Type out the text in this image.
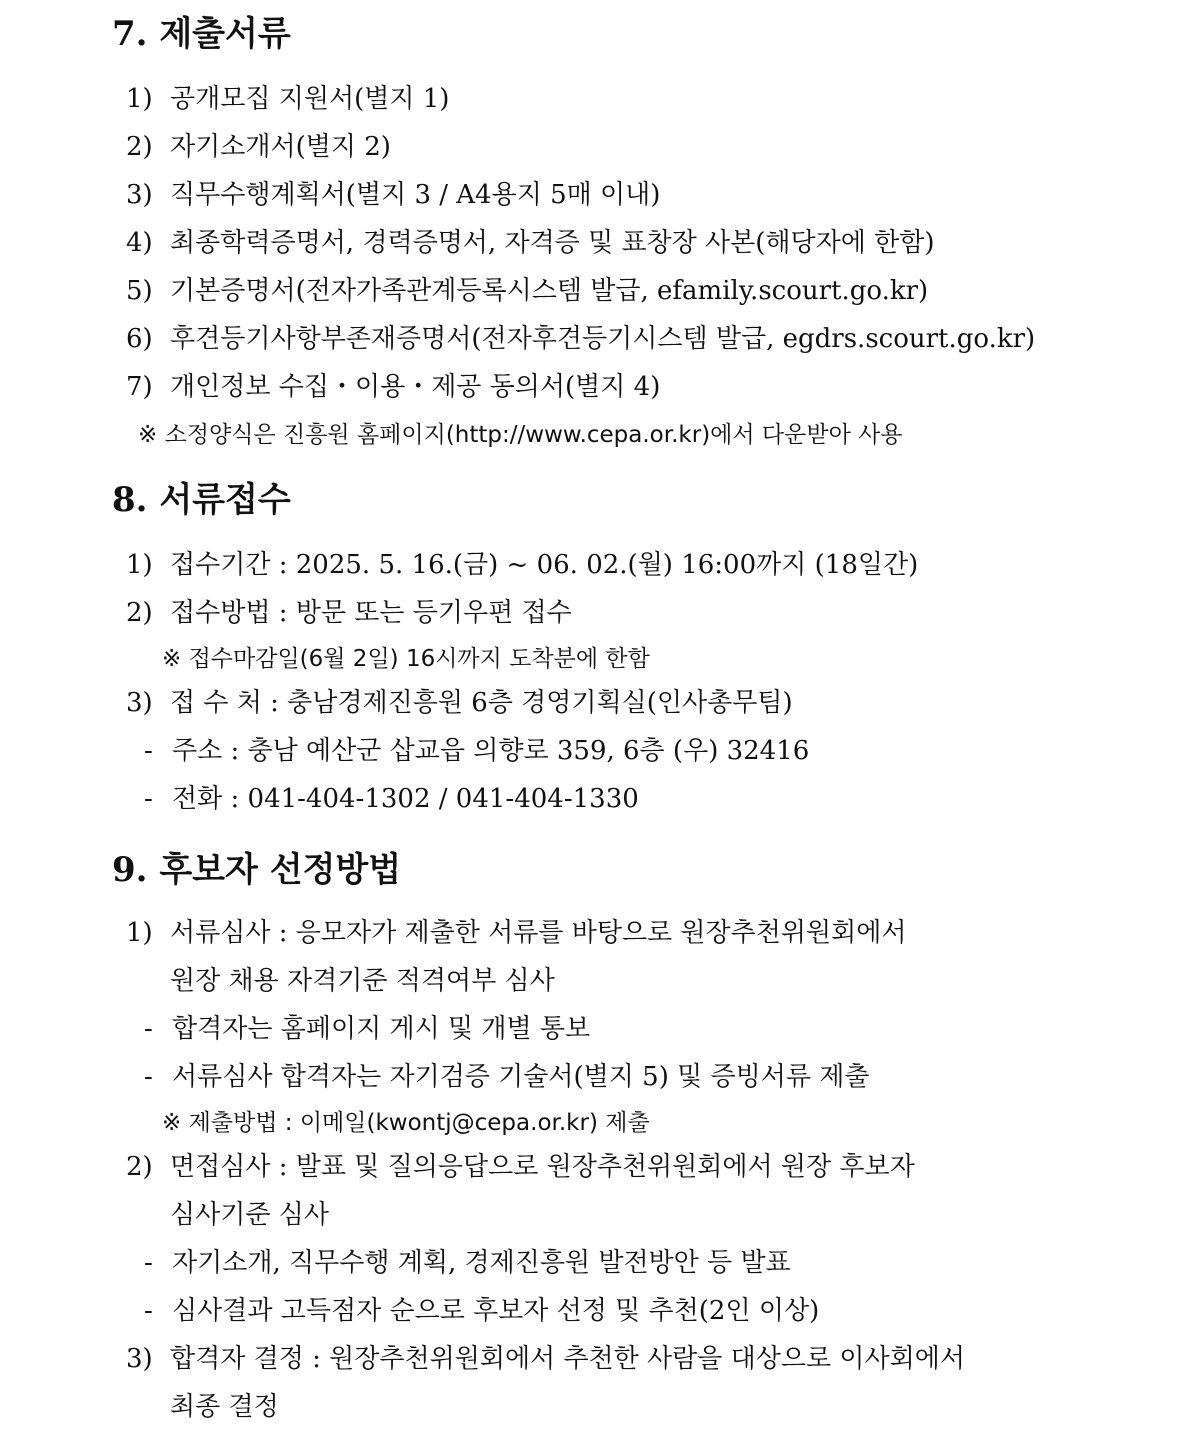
7. 제출서류
1) 공개모집 지원서(별지 1)
2) 자기소개서(별지 2)
3) 직무수행계획서(별지 3 / A4용지 5매 이내)
4) 최종학력증명서, 경력증명서, 자격증 및 표창장 사본(해당자에 한함)
5) 기본증명서(전자가족관계등록시스템 발급, efamily.scourt.go.kr)
6) 후견등기사항부존재증명서(전자후견등기시스템 발급, egdrs.scourt.go.kr)
7) 개인정보 수집・이용・제공 동의서(별지 4)
※ 소정양식은 진흥원 홈페이지(http://www.cepa.or.kr)에서 다운받아 사용
8. 서류접수
1) 접수기간 : 2025. 5. 16.(금) ~ 06. 02.(월) 16:00까지 (18일간)
2) 접수방법 : 방문 또는 등기우편 접수
※ 접수마감일(6월 2일) 16시까지 도착분에 한함
3) 접 수 처 : 충남경제진흥원 6층 경영기획실(인사총무팀)
- 주소 : 충남 예산군 삽교읍 의향로 359, 6층 (우) 32416
- 전화 : 041-404-1302 / 041-404-1330
9. 후보자 선정방법
1) 서류심사 : 응모자가 제출한 서류를 바탕으로 원장추천위원회에서
원장 채용 자격기준 적격여부 심사
- 합격자는 홈페이지 게시 및 개별 통보
- 서류심사 합격자는 자기검증 기술서(별지 5) 및 증빙서류 제출
※ 제출방법 : 이메일(kwontj@cepa.or.kr) 제출
2) 면접심사 : 발표 및 질의응답으로 원장추천위원회에서 원장 후보자
심사기준 심사
- 자기소개, 직무수행 계획, 경제진흥원 발전방안 등 발표
- 심사결과 고득점자 순으로 후보자 선정 및 추천(2인 이상)
3) 합격자 결정 : 원장추천위원회에서 추천한 사람을 대상으로 이사회에서
최종 결정
